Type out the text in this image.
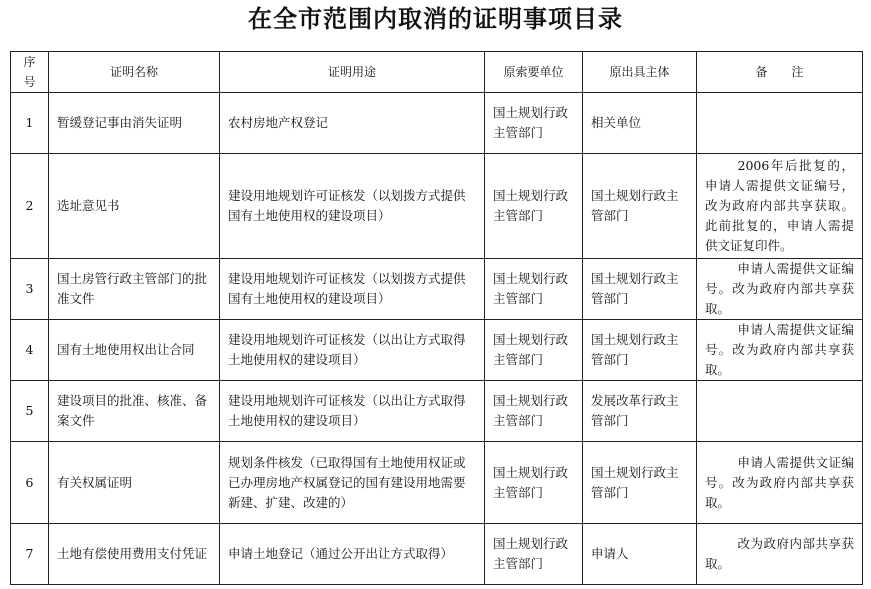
在全市范围内取消的证明事项目录
序号	证明名称	证明用途	原索要单位	原出具主体	备　　注
1	暂缓登记事由消失证明	农村房地产权登记	国土规划行政主管部门	相关单位	
2	选址意见书	建设用地规划许可证核发（以划拨方式提供国有土地使用权的建设项目）	国土规划行政主管部门	国土规划行政主管部门	2006年后批复的，申请人需提供文证编号，改为政府内部共享获取。此前批复的，申请人需提供文证复印件。
3	国土房管行政主管部门的批准文件	建设用地规划许可证核发（以划拨方式提供国有土地使用权的建设项目）	国土规划行政主管部门	国土规划行政主管部门	申请人需提供文证编号。改为政府内部共享获取。
4	国有土地使用权出让合同	建设用地规划许可证核发（以出让方式取得土地使用权的建设项目）	国土规划行政主管部门	国土规划行政主管部门	申请人需提供文证编号。改为政府内部共享获取。
5	建设项目的批准、核准、备案文件	建设用地规划许可证核发（以出让方式取得土地使用权的建设项目）	国土规划行政主管部门	发展改革行政主管部门	
6	有关权属证明	规划条件核发（已取得国有土地使用权证或已办理房地产权属登记的国有建设用地需要新建、扩建、改建的）	国土规划行政主管部门	国土规划行政主管部门	申请人需提供文证编号。改为政府内部共享获取。
7	土地有偿使用费用支付凭证	申请土地登记（通过公开出让方式取得）	国土规划行政主管部门	申请人	改为政府内部共享获取。
